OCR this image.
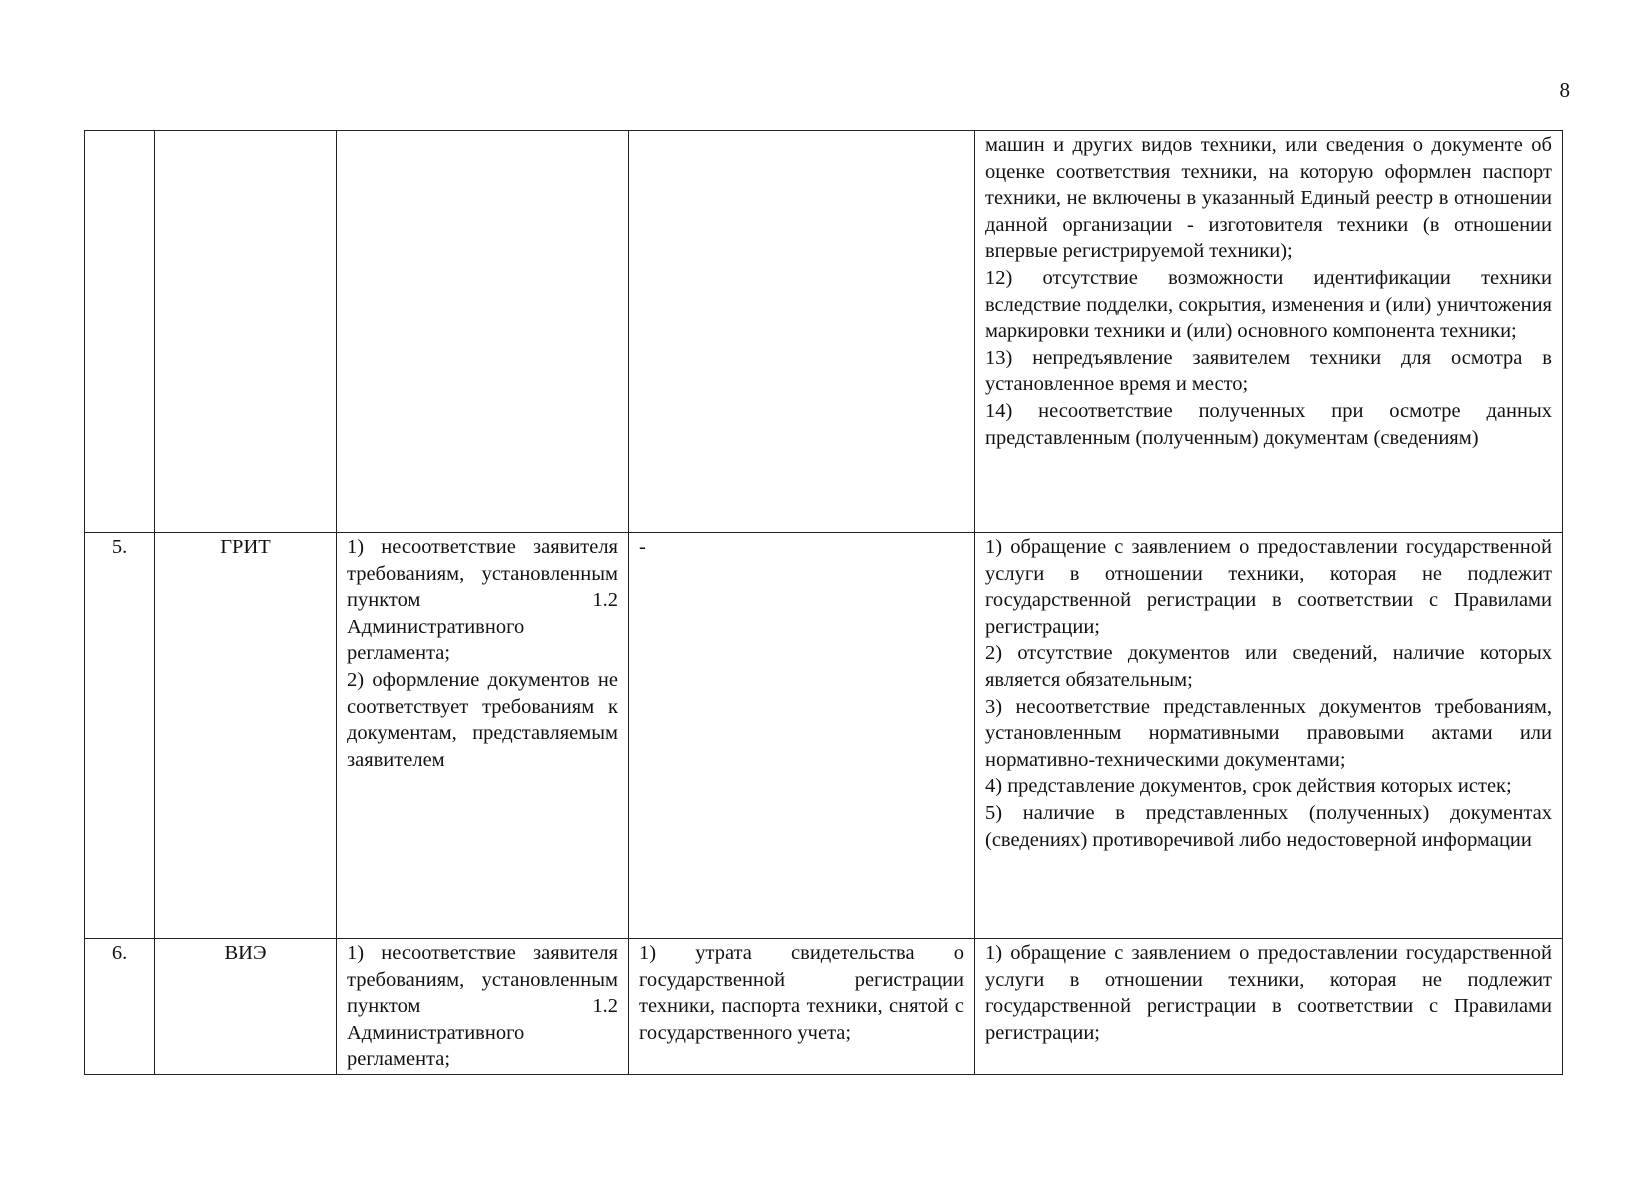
8

				машин и других видов техники, или сведения о документе об оценке соответствия техники, на которую оформлен паспорт техники, не включены в указанный Единый реестр в отношении данной организации - изготовителя техники (в отношении впервые регистрируемой техники);
12) отсутствие возможности идентификации техники вследствие подделки, сокрытия, изменения и (или) уничтожения маркировки техники и (или) основного компонента техники;
13) непредъявление заявителем техники для осмотра в установленное время и место;
14) несоответствие полученных при осмотре данных представленным (полученным) документам (сведениям)

5.	ГРИТ	1) несоответствие заявителя требованиям, установленным пунктом 1.2 Административного регламента;
2) оформление документов не соответствует требованиям к документам, представляемым заявителем	-	1) обращение с заявлением о предоставлении государственной услуги в отношении техники, которая не подлежит государственной регистрации в соответствии с Правилами регистрации;
2) отсутствие документов или сведений, наличие которых является обязательным;
3) несоответствие представленных документов требованиям, установленным нормативными правовыми актами или нормативно-техническими документами;
4) представление документов, срок действия которых истек;
5) наличие в представленных (полученных) документах (сведениях) противоречивой либо недостоверной информации

6.	ВИЭ	1) несоответствие заявителя требованиям, установленным пунктом 1.2 Административного регламента;	1) утрата свидетельства о государственной регистрации техники, паспорта техники, снятой с государственного учета;	1) обращение с заявлением о предоставлении государственной услуги в отношении техники, которая не подлежит государственной регистрации в соответствии с Правилами регистрации;
